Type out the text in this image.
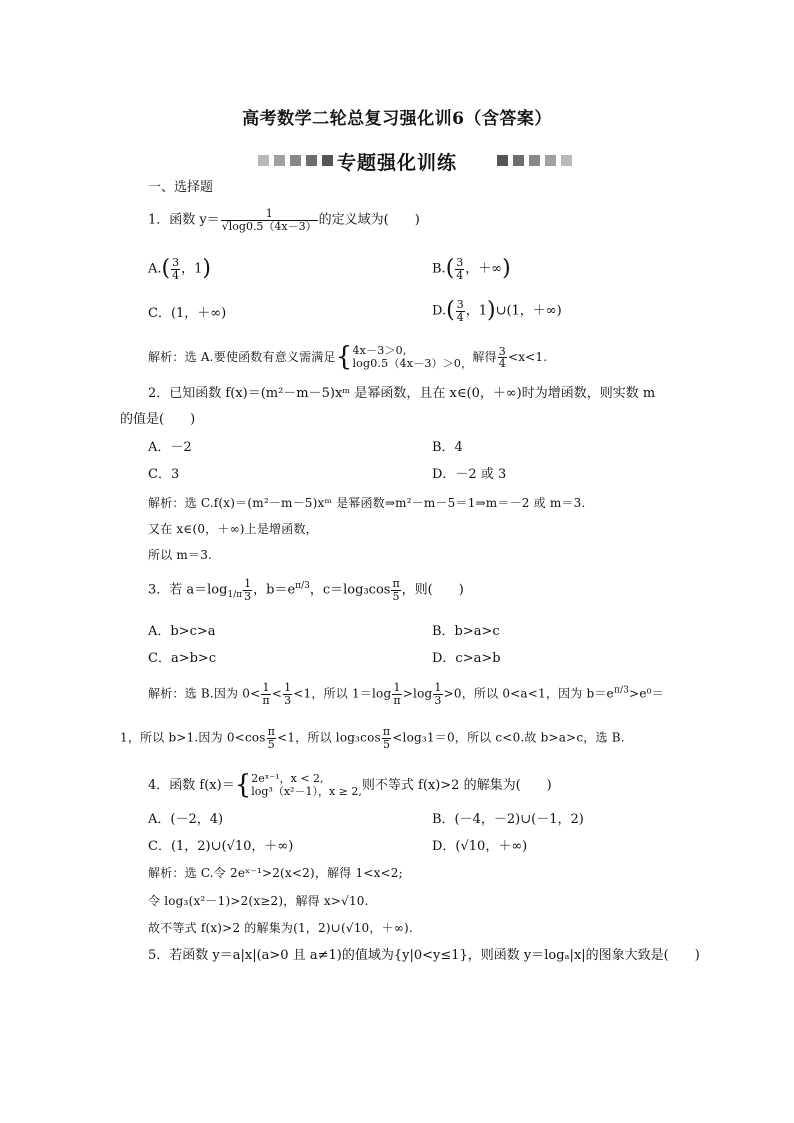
高考数学二轮总复习强化训6（含答案）
专题强化训练
一、选择题
1．函数 $y= \frac{1}{√\log 0.5(4x-3)}$ 的定义域为(　　)
$A.( \frac{3}{4}$ ，1)	$B.( \frac{3}{4}$ ，＋∞)
C．(1，＋∞)	$D.( \frac{3}{4}$ ，1)∪(1，＋∞)
解析：选 A.要使函数有意义需满足{ 4x－3＞0,
log0.5（4x－3）＞0， 解得 $\frac{3}{4} <x<1$.
2．已知函数 f(x)＝(m²－m－5)xᵐ 是幂函数，且在 x∈(0，＋∞)时为增函数，则实数 m
的值是(　　)
A．－2	B．4
C．3	D．－2 或 3
解析：选 C.f(x)＝(m²－m－5)xᵐ 是幂函数⇒m²－m－5＝1⇒m＝－2 或 m＝3.
又在 x∈(0，＋∞)上是增函数，
所以 m＝3.
3．若 $a=\log_{1/\pi} \frac{1}{3}$ ，$b=e^{\pi/3}$，$c=\log_3\cos \frac{\pi}{5}$ ，则(　　)
A．b>c>a	B．b>a>c
C．a>b>c	D．c>a>b
解析：选 B.因为 $0< \frac{1}{\pi} < \frac{1}{3} <1$，所以 $1=\log \frac{1}{\pi} >\log \frac{1}{3} >0$，所以 0<a<1，因为 $b=e^{\pi/3}>e^0=$
1，所以 b>1.因为 $0<\cos \frac{\pi}{5} <1$，所以 $\log_3\cos \frac{\pi}{5} <\log_31=0$，所以 c<0.故 b>a>c，选 B.
4．函数 f(x)＝{ 2eˣ⁻¹，x < 2,
log³（x²－1），x ≥ 2, 则不等式 f(x)>2 的解集为(　　)
A．(－2，4)	B．(－4，－2)∪(－1，2)
C．(1，2)∪(√10，＋∞)	D．(√10，＋∞)
解析：选 C.令 2eˣ⁻¹>2(x<2)，解得 1<x<2;
令 log₃(x²－1)>2(x≥2)，解得 x>√10.
故不等式 f(x)>2 的解集为(1，2)∪(√10，＋∞).
5．若函数 y＝a|x|(a>0 且 a≠1)的值域为{y|0<y≤1}，则函数 y＝logₐ|x|的图象大致是(　　)
